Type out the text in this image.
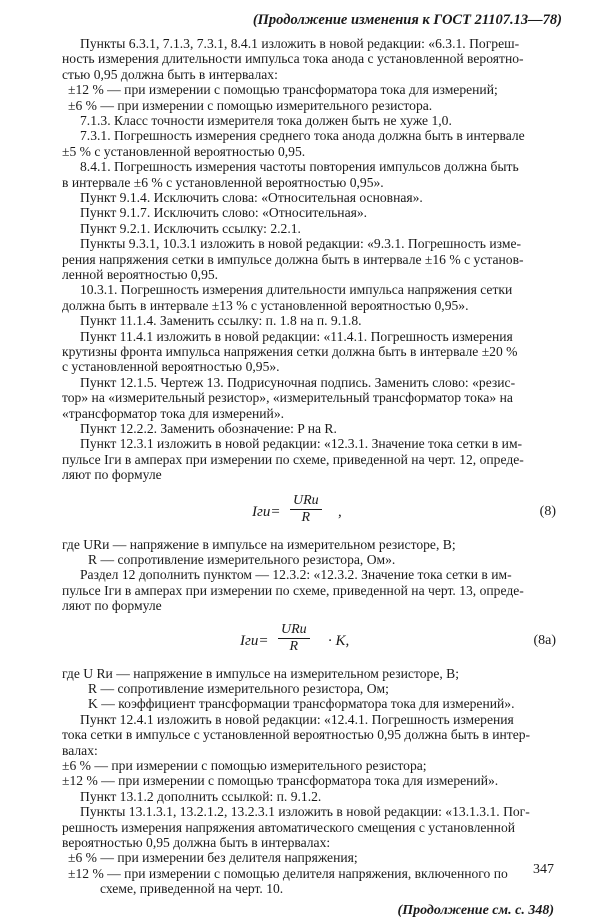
(Продолжение изменения к ГОСТ 21107.13—78)
Пункты 6.3.1, 7.1.3, 7.3.1, 8.4.1 изложить в новой редакции: «6.3.1. Погреш-
ность измерения длительности импульса тока анода с установленной вероятно-
стью 0,95 должна быть в интервалах:
±12 % — при измерении с помощью трансформатора тока для измерений;
±6 % — при измерении с помощью измерительного резистора.
7.1.3. Класс точности измерителя тока должен быть не хуже 1,0.
7.3.1. Погрешность измерения среднего тока анода должна быть в интервале
±5 % с установленной вероятностью 0,95.
8.4.1. Погрешность измерения частоты повторения импульсов должна быть
в интервале ±6 % с установленной вероятностью 0,95».
Пункт 9.1.4. Исключить слова: «Относительная основная».
Пункт 9.1.7. Исключить слово: «Относительная».
Пункт 9.2.1. Исключить ссылку: 2.2.1.
Пункты 9.3.1, 10.3.1 изложить в новой редакции: «9.3.1. Погрешность изме-
рения напряжения сетки в импульсе должна быть в интервале ±16 % с установ-
ленной вероятностью 0,95.
10.3.1. Погрешность измерения длительности импульса напряжения сетки
должна быть в интервале ±13 % с установленной вероятностью 0,95».
Пункт 11.1.4. Заменить ссылку: п. 1.8 на п. 9.1.8.
Пункт 11.4.1 изложить в новой редакции: «11.4.1. Погрешность измерения
крутизны фронта импульса напряжения сетки должна быть в интервале ±20 %
с установленной вероятностью 0,95».
Пункт 12.1.5. Чертеж 13. Подрисуночная подпись. Заменить слово: «резис-
тор» на «измерительный резистор», «измерительный трансформатор тока» на
«трансформатор тока для измерений».
Пункт 12.2.2. Заменить обозначение: P на R.
Пункт 12.3.1 изложить в новой редакции: «12.3.1. Значение тока сетки в им-
пульсе Iги в амперах при измерении по схеме, приведенной на черт. 12, опреде-
ляют по формуле
Iги=
URи
R ,	(8)
где URи — напряжение в импульсе на измерительном резисторе, В;
R — сопротивление измерительного резистора, Ом».
Раздел 12 дополнить пунктом — 12.3.2: «12.3.2. Значение тока сетки в им-
пульсе Iги в амперах при измерении по схеме, приведенной на черт. 13, опреде-
ляют по формуле
Iги=
URи
R · K,	(8а)
где U Rи — напряжение в импульсе на измерительном резисторе, В;
R — сопротивление измерительного резистора, Ом;
K — коэффициент трансформации трансформатора тока для измерений».
Пункт 12.4.1 изложить в новой редакции: «12.4.1. Погрешность измерения
тока сетки в импульсе с установленной вероятностью 0,95 должна быть в интер-
валах:
±6 % — при измерении с помощью измерительного резистора;
±12 % — при измерении с помощью трансформатора тока для измерений».
Пункт 13.1.2 дополнить ссылкой: п. 9.1.2.
(Продолжение см. с. 348)
347
Пункты 13.1.3.1, 13.2.1.2, 13.2.3.1 изложить в новой редакции: «13.1.3.1. Пог-
решность измерения напряжения автоматического смещения с установленной
вероятностью 0,95 должна быть в интервалах:
±6 % — при измерении без делителя напряжения;
±12 % — при измерении с помощью делителя напряжения, включенного по
схеме, приведенной на черт. 10.
